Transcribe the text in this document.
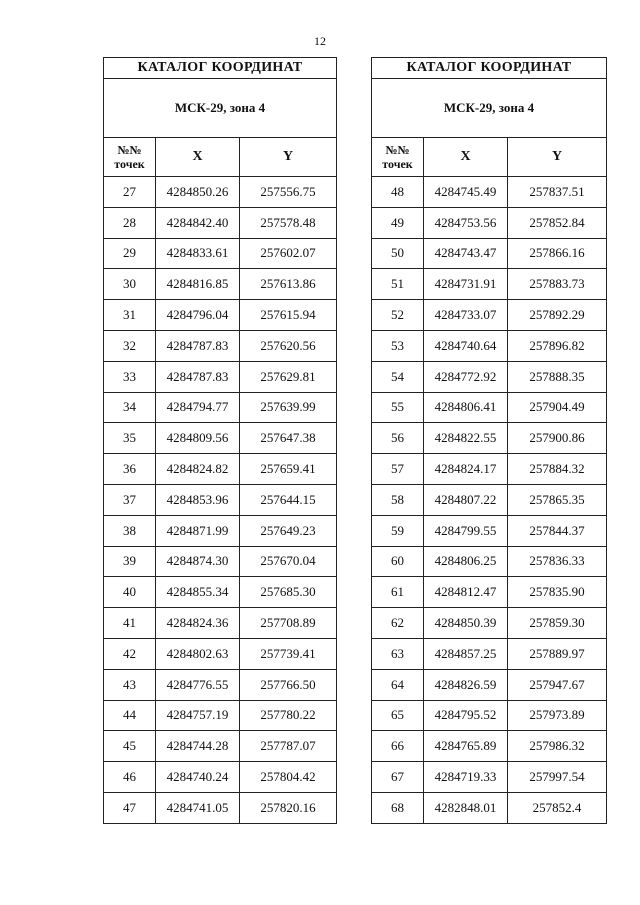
12
КАТАЛОГ КООРДИНАТ		
МСК-29, зона 4		
№№
точек	X	Y
27	4284850.26	257556.75
28	4284842.40	257578.48
29	4284833.61	257602.07
30	4284816.85	257613.86
31	4284796.04	257615.94
32	4284787.83	257620.56
33	4284787.83	257629.81
34	4284794.77	257639.99
35	4284809.56	257647.38
36	4284824.82	257659.41
37	4284853.96	257644.15
38	4284871.99	257649.23
39	4284874.30	257670.04
40	4284855.34	257685.30
41	4284824.36	257708.89
42	4284802.63	257739.41
43	4284776.55	257766.50
44	4284757.19	257780.22
45	4284744.28	257787.07
46	4284740.24	257804.42
47	4284741.05	257820.16
КАТАЛОГ КООРДИНАТ		
МСК-29, зона 4		
№№
точек	X	Y
48	4284745.49	257837.51
49	4284753.56	257852.84
50	4284743.47	257866.16
51	4284731.91	257883.73
52	4284733.07	257892.29
53	4284740.64	257896.82
54	4284772.92	257888.35
55	4284806.41	257904.49
56	4284822.55	257900.86
57	4284824.17	257884.32
58	4284807.22	257865.35
59	4284799.55	257844.37
60	4284806.25	257836.33
61	4284812.47	257835.90
62	4284850.39	257859.30
63	4284857.25	257889.97
64	4284826.59	257947.67
65	4284795.52	257973.89
66	4284765.89	257986.32
67	4284719.33	257997.54
68	4282848.01	257852.4
